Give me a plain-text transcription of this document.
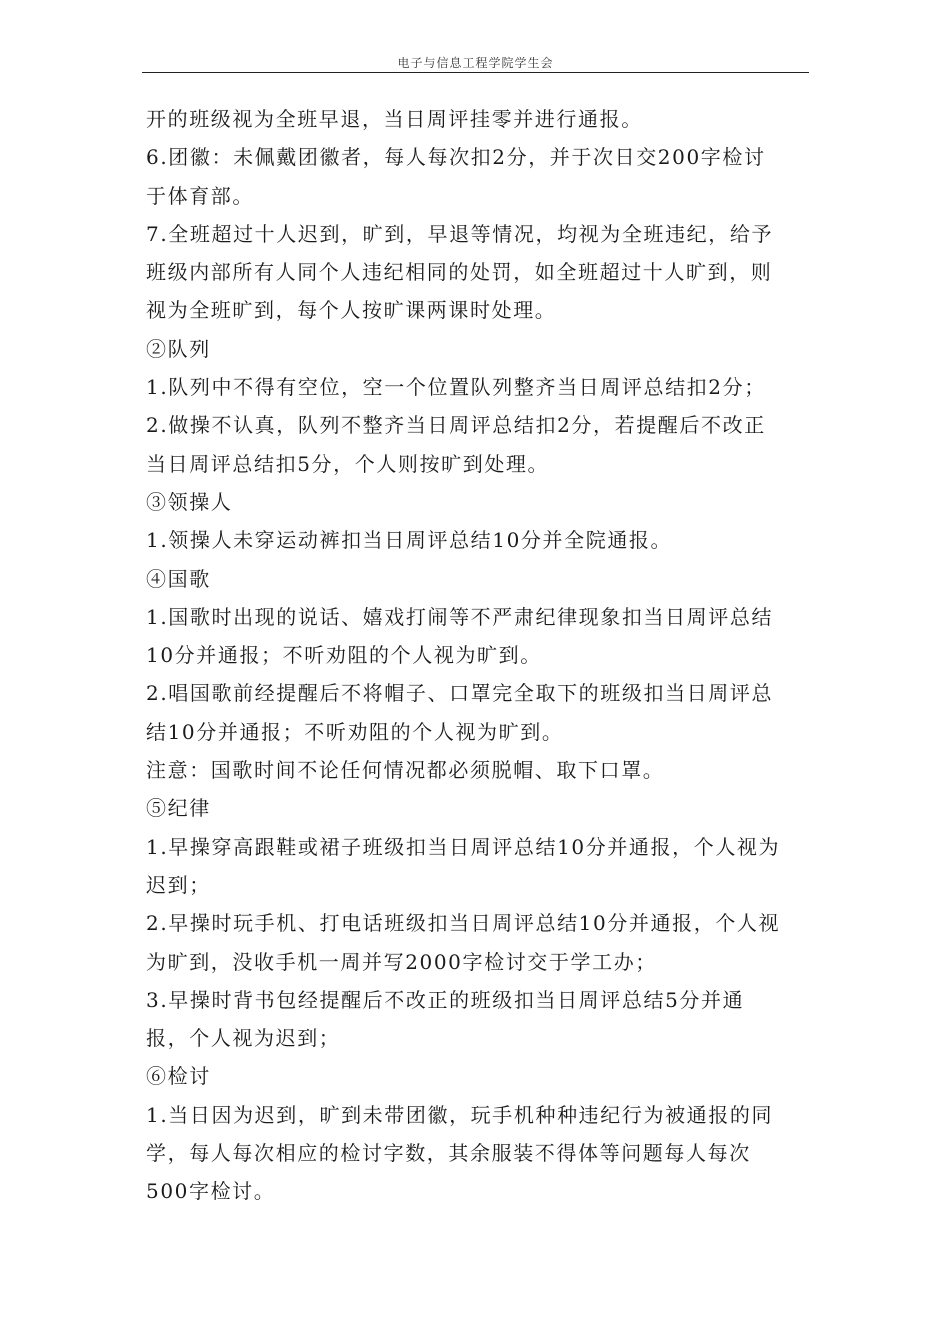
电子与信息工程学院学生会
开的班级视为全班早退，当日周评挂零并进行通报。
6.团徽：未佩戴团徽者，每人每次扣2分，并于次日交200字检讨
于体育部。
7.全班超过十人迟到，旷到，早退等情况，均视为全班违纪，给予
班级内部所有人同个人违纪相同的处罚，如全班超过十人旷到，则
视为全班旷到，每个人按旷课两课时处理。
②队列
1.队列中不得有空位，空一个位置队列整齐当日周评总结扣2分；
2.做操不认真，队列不整齐当日周评总结扣2分，若提醒后不改正
当日周评总结扣5分，个人则按旷到处理。
③领操人
1.领操人未穿运动裤扣当日周评总结10分并全院通报。
④国歌
1.国歌时出现的说话、嬉戏打闹等不严肃纪律现象扣当日周评总结
10分并通报；不听劝阻的个人视为旷到。
2.唱国歌前经提醒后不将帽子、口罩完全取下的班级扣当日周评总
结10分并通报；不听劝阻的个人视为旷到。
注意：国歌时间不论任何情况都必须脱帽、取下口罩。
⑤纪律
1.早操穿高跟鞋或裙子班级扣当日周评总结10分并通报，个人视为
迟到；
2.早操时玩手机、打电话班级扣当日周评总结10分并通报，个人视
为旷到，没收手机一周并写2000字检讨交于学工办；
3.早操时背书包经提醒后不改正的班级扣当日周评总结5分并通
报，个人视为迟到；
⑥检讨
1.当日因为迟到，旷到未带团徽，玩手机种种违纪行为被通报的同
学，每人每次相应的检讨字数，其余服装不得体等问题每人每次
500字检讨。
